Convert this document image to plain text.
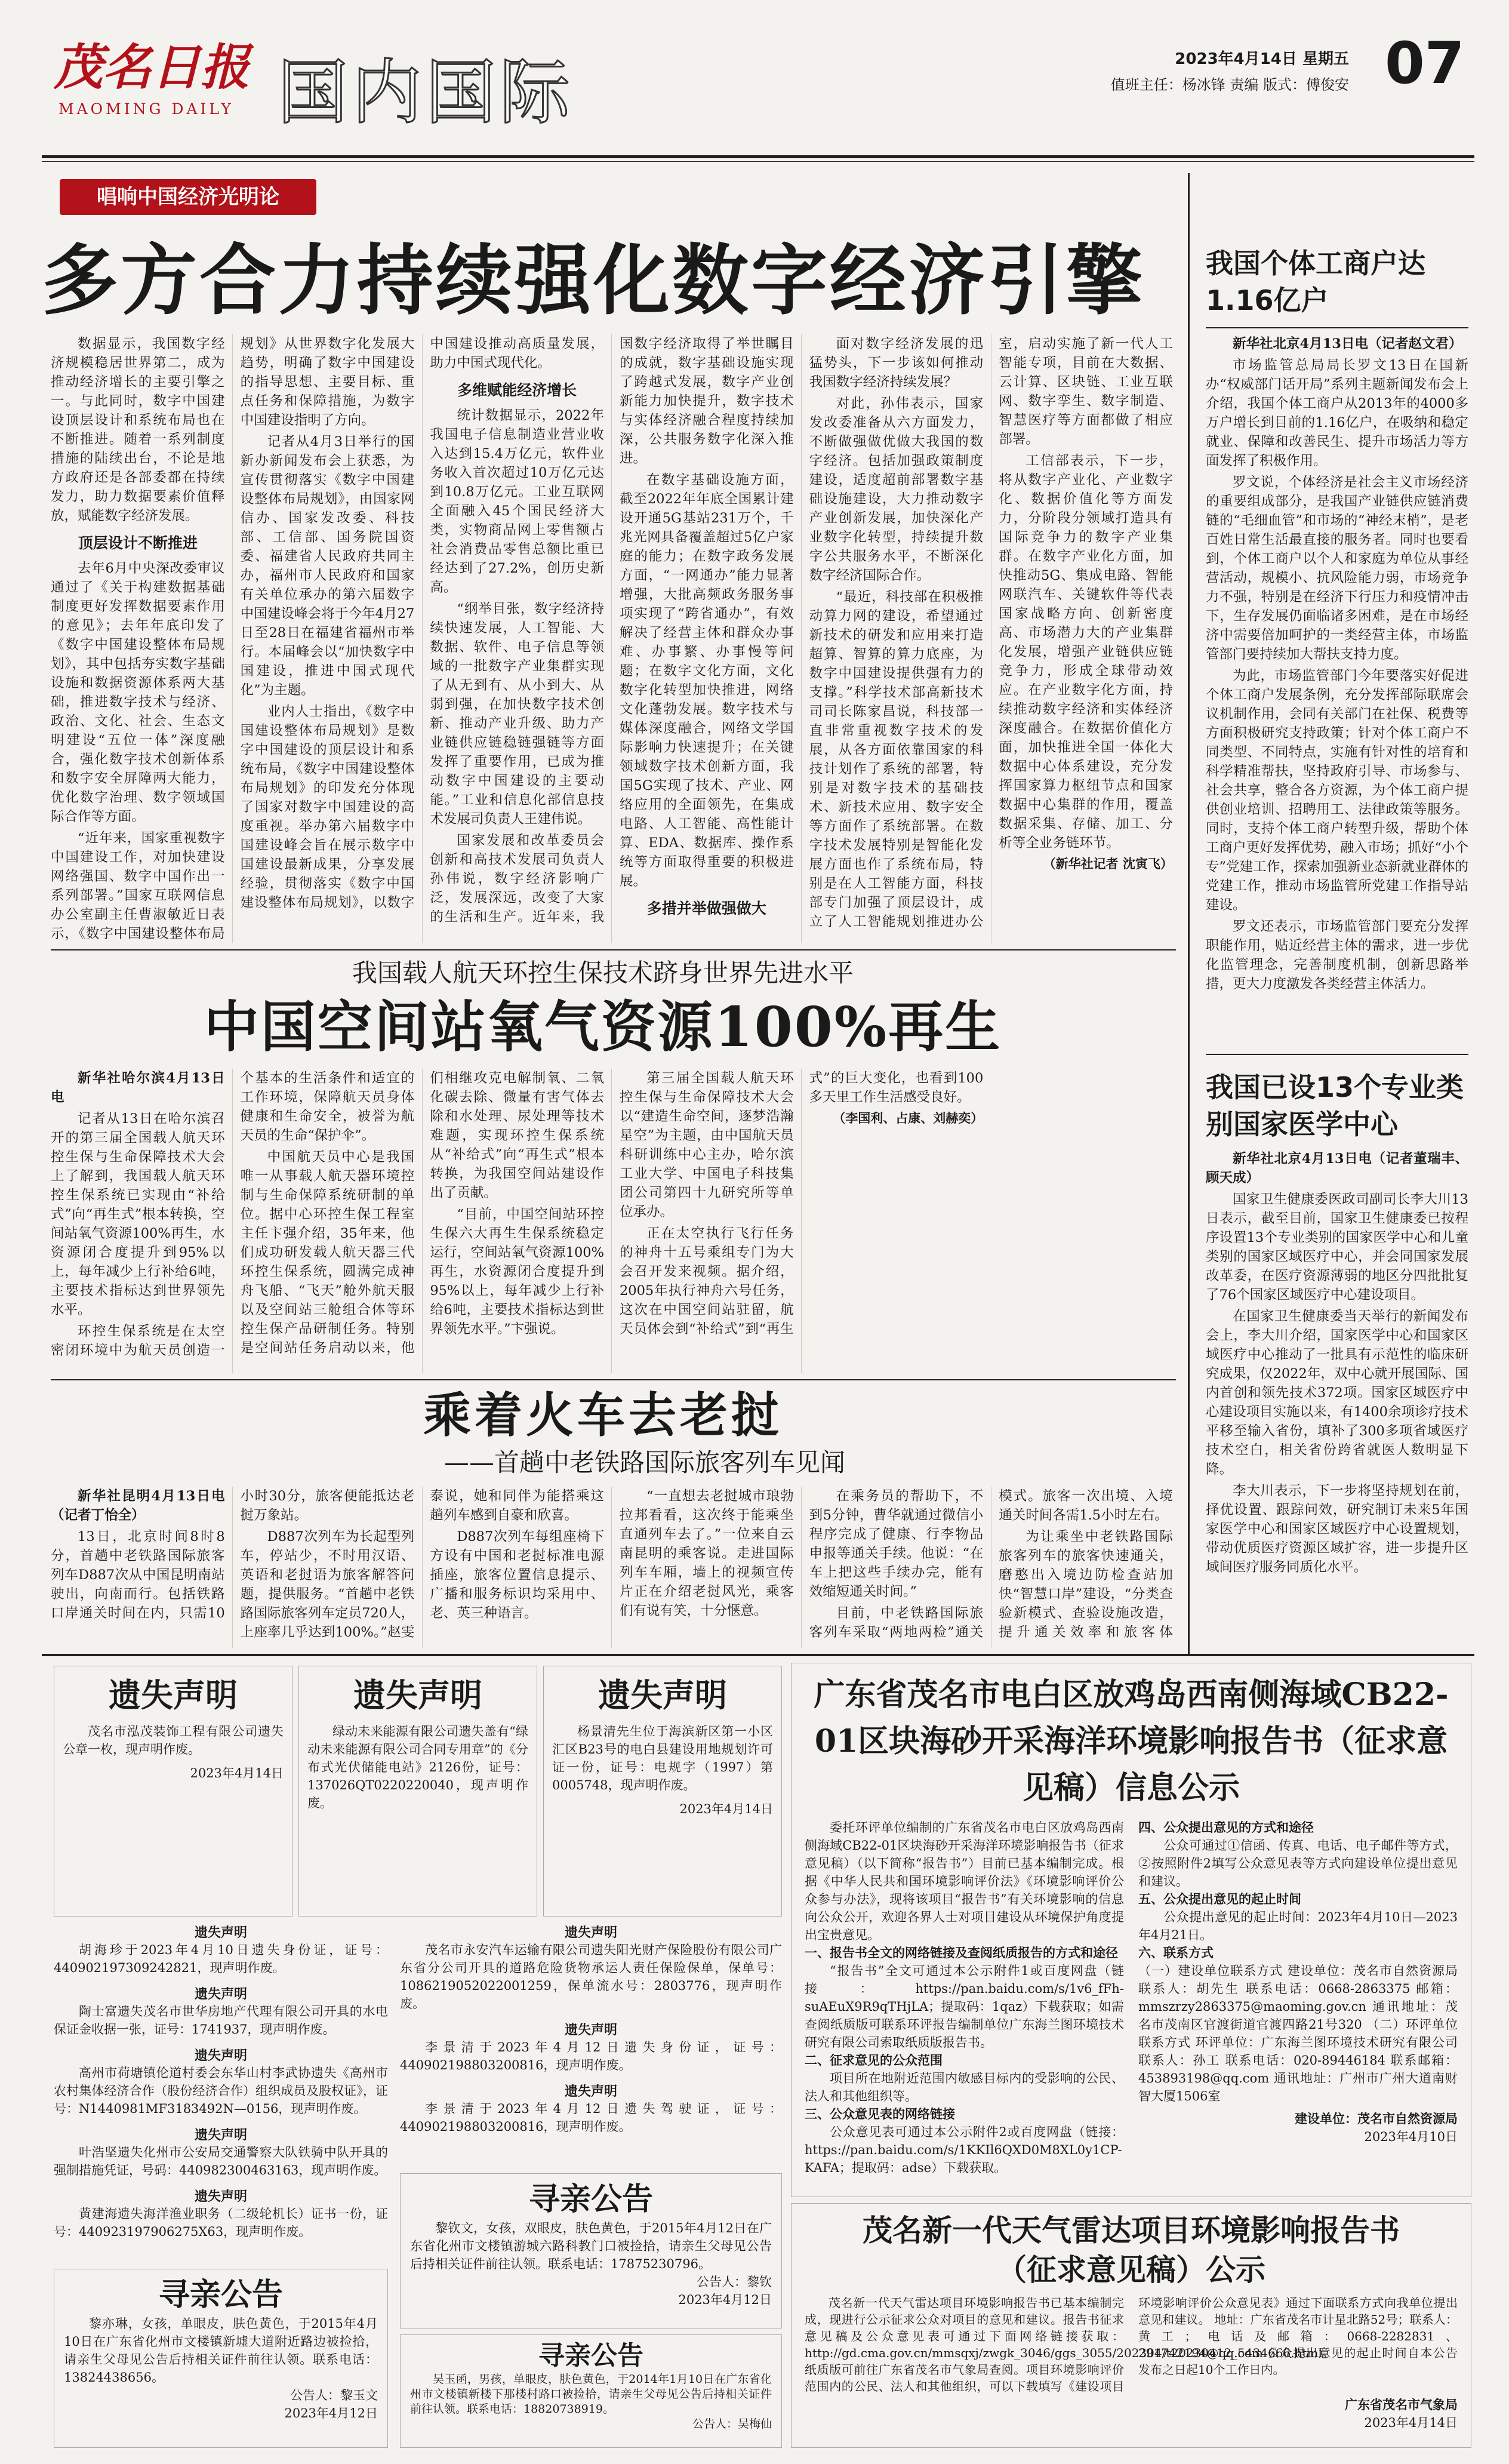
茂名日报
MAOMING DAILY 国内国际	2023年4月14日 星期五
值班主任：杨冰锋 责编 版式：傅俊安 07
唱响中国经济光明论
多方合力持续强化数字经济引擎

数据显示，我国数字经济规模稳居世界第二，成为推动经济增长的主要引擎之一。与此同时，数字中国建设顶层设计和系统布局也在不断推进。随着一系列制度措施的陆续出台，不论是地方政府还是各部委都在持续发力，助力数据要素价值释放，赋能数字经济发展。

顶层设计不断推进

去年6月中央深改委审议通过了《关于构建数据基础制度更好发挥数据要素作用的意见》；去年年底印发了《数字中国建设整体布局规划》，其中包括夯实数字基础设施和数据资源体系两大基础，推进数字技术与经济、政治、文化、社会、生态文明建设“五位一体”深度融合，强化数字技术创新体系和数字安全屏障两大能力，优化数字治理、数字领域国际合作等方面。

“近年来，国家重视数字中国建设工作，对加快建设网络强国、数字中国作出一系列部署。”国家互联网信息办公室副主任曹淑敏近日表示，《数字中国建设整体布局规划》从世界数字化发展大趋势，明确了数字中国建设的指导思想、主要目标、重点任务和保障措施，为数字中国建设指明了方向。

记者从4月3日举行的国新办新闻发布会上获悉，为宣传贯彻落实《数字中国建设整体布局规划》，由国家网信办、国家发改委、科技部、工信部、国务院国资委、福建省人民政府共同主办，福州市人民政府和国家有关单位承办的第六届数字中国建设峰会将于今年4月27日至28日在福建省福州市举行。本届峰会以“加快数字中国建设，推进中国式现代化”为主题。

业内人士指出，《数字中国建设整体布局规划》是数字中国建设的顶层设计和系统布局，《数字中国建设整体布局规划》的印发充分体现了国家对数字中国建设的高度重视。举办第六届数字中国建设峰会旨在展示数字中国建设最新成果，分享发展经验，贯彻落实《数字中国建设整体布局规划》，以数字中国建设推动高质量发展，助力中国式现代化。

多维赋能经济增长

统计数据显示，2022年我国电子信息制造业营业收入达到15.4万亿元，软件业务收入首次超过10万亿元达到10.8万亿元。工业互联网全面融入45个国民经济大类，实物商品网上零售额占社会消费品零售总额比重已经达到了27.2%，创历史新高。

“纲举目张，数字经济持续快速发展，人工智能、大数据、软件、电子信息等领域的一批数字产业集群实现了从无到有、从小到大、从弱到强，在加快数字技术创新、推动产业升级、助力产业链供应链稳链强链等方面发挥了重要作用，已成为推动数字中国建设的主要动能。”工业和信息化部信息技术发展司负责人王建伟说。

国家发展和改革委员会创新和高技术发展司负责人孙伟说，数字经济影响广泛，发展深远，改变了大家的生活和生产。近年来，我国数字经济取得了举世瞩目的成就，数字基础设施实现了跨越式发展，数字产业创新能力加快提升，数字技术与实体经济融合程度持续加深，公共服务数字化深入推进。

在数字基础设施方面，截至2022年年底全国累计建设开通5G基站231万个，千兆光网具备覆盖超过5亿户家庭的能力；在数字政务发展方面，“一网通办”能力显著增强，大批高频政务服务事项实现了“跨省通办”，有效解决了经营主体和群众办事难、办事繁、办事慢等问题；在数字文化方面，文化数字化转型加快推进，网络文化蓬勃发展。数字技术与媒体深度融合，网络文学国际影响力快速提升；在关键领域数字技术创新方面，我国5G实现了技术、产业、网络应用的全面领先，在集成电路、人工智能、高性能计算、EDA、数据库、操作系统等方面取得重要的积极进展。

多措并举做强做大

面对数字经济发展的迅猛势头，下一步该如何推动我国数字经济持续发展？

对此，孙伟表示，国家发改委准备从六方面发力，不断做强做优做大我国的数字经济。包括加强政策制度建设，适度超前部署数字基础设施建设，大力推动数字产业创新发展，加快深化产业数字化转型，持续提升数字公共服务水平，不断深化数字经济国际合作。

“最近，科技部在积极推动算力网的建设，希望通过新技术的研发和应用来打造超算、智算的算力底座，为数字中国建设提供强有力的支撑。”科学技术部高新技术司司长陈家昌说，科技部一直非常重视数字技术的发展，从各方面依靠国家的科技计划作了系统的部署，特别是对数字技术的基础技术、新技术应用、数字安全等方面作了系统部署。在数字技术发展特别是智能化发展方面也作了系统布局，特别是在人工智能方面，科技部专门加强了顶层设计，成立了人工智能规划推进办公室，启动实施了新一代人工智能专项，目前在大数据、云计算、区块链、工业互联网、数字孪生、数字制造、智慧医疗等方面都做了相应部署。

工信部表示，下一步，将从数字产业化、产业数字化、数据价值化等方面发力，分阶段分领域打造具有国际竞争力的数字产业集群。在数字产业化方面，加快推动5G、集成电路、智能网联汽车、关键软件等代表国家战略方向、创新密度高、市场潜力大的产业集群化发展，增强产业链供应链竞争力，形成全球带动效应。在产业数字化方面，持续推动数字经济和实体经济深度融合。在数据价值化方面，加快推进全国一体化大数据中心体系建设，充分发挥国家算力枢纽节点和国家数据中心集群的作用，覆盖数据采集、存储、加工、分析等全业务链环节。

（新华社记者 沈寅飞）
我国个体工商户达1.16亿户

新华社北京4月13日电（记者赵文君）

市场监管总局局长罗文13日在国新办“权威部门话开局”系列主题新闻发布会上介绍，我国个体工商户从2013年的4000多万户增长到目前的1.16亿户，在吸纳和稳定就业、保障和改善民生、提升市场活力等方面发挥了积极作用。

罗文说，个体经济是社会主义市场经济的重要组成部分，是我国产业链供应链消费链的“毛细血管”和市场的“神经末梢”，是老百姓日常生活最直接的服务者。同时也要看到，个体工商户以个人和家庭为单位从事经营活动，规模小、抗风险能力弱，市场竞争力不强，特别是在经济下行压力和疫情冲击下，生存发展仍面临诸多困难，是在市场经济中需要倍加呵护的一类经营主体，市场监管部门要持续加大帮扶支持力度。

为此，市场监管部门今年要落实好促进个体工商户发展条例，充分发挥部际联席会议机制作用，会同有关部门在社保、税费等方面积极研究支持政策；针对个体工商户不同类型、不同特点，实施有针对性的培育和科学精准帮扶，坚持政府引导、市场参与、社会共享，整合各方资源，为个体工商户提供创业培训、招聘用工、法律政策等服务。同时，支持个体工商户转型升级，帮助个体工商户更好发挥优势，融入市场；抓好“小个专”党建工作，探索加强新业态新就业群体的党建工作，推动市场监管所党建工作指导站建设。

罗文还表示，市场监管部门要充分发挥职能作用，贴近经营主体的需求，进一步优化监管理念，完善制度机制，创新思路举措，更大力度激发各类经营主体活力。

我国载人航天环控生保技术跻身世界先进水平
中国空间站氧气资源100%再生

新华社哈尔滨4月13日电

记者从13日在哈尔滨召开的第三届全国载人航天环控生保与生命保障技术大会上了解到，我国载人航天环控生保系统已实现由“补给式”向“再生式”根本转换，空间站氧气资源100%再生，水资源闭合度提升到95%以上，每年减少上行补给6吨，主要技术指标达到世界领先水平。

环控生保系统是在太空密闭环境中为航天员创造一个基本的生活条件和适宜的工作环境，保障航天员身体健康和生命安全，被誉为航天员的生命“保护伞”。

中国航天员中心是我国唯一从事载人航天器环境控制与生命保障系统研制的单位。据中心环控生保工程室主任卞强介绍，35年来，他们成功研发载人航天器三代环控生保系统，圆满完成神舟飞船、“飞天”舱外航天服以及空间站三舱组合体等环控生保产品研制任务。特别是空间站任务启动以来，他们相继攻克电解制氧、二氧化碳去除、微量有害气体去除和水处理、尿处理等技术难题，实现环控生保系统从“补给式”向“再生式”根本转换，为我国空间站建设作出了贡献。

“目前，中国空间站环控生保六大再生生保系统稳定运行，空间站氧气资源100%再生，水资源闭合度提升到95%以上，每年减少上行补给6吨，主要技术指标达到世界领先水平。”卞强说。

第三届全国载人航天环控生保与生命保障技术大会以“建造生命空间，逐梦浩瀚星空”为主题，由中国航天员科研训练中心主办，哈尔滨工业大学、中国电子科技集团公司第四十九研究所等单位承办。

正在太空执行飞行任务的神舟十五号乘组专门为大会召开发来视频。据介绍，2005年执行神舟六号任务，这次在中国空间站驻留，航天员体会到“补给式”到“再生式”的巨大变化，也看到100多天里工作生活感受良好。

（李国利、占康、刘赫奕）
我国已设13个专业类别国家医学中心

新华社北京4月13日电（记者董瑞丰、顾天成）

国家卫生健康委医政司副司长李大川13日表示，截至目前，国家卫生健康委已按程序设置13个专业类别的国家医学中心和儿童类别的国家区域医疗中心，并会同国家发展改革委，在医疗资源薄弱的地区分四批批复了76个国家区域医疗中心建设项目。

在国家卫生健康委当天举行的新闻发布会上，李大川介绍，国家医学中心和国家区域医疗中心推动了一批具有示范性的临床研究成果，仅2022年，双中心就开展国际、国内首创和领先技术372项。国家区域医疗中心建设项目实施以来，有1400余项诊疗技术平移至输入省份，填补了300多项省域医疗技术空白，相关省份跨省就医人数明显下降。

李大川表示，下一步将坚持规划在前，择优设置、跟踪问效，研究制订未来5年国家医学中心和国家区域医疗中心设置规划，带动优质医疗资源区域扩容，进一步提升区域间医疗服务同质化水平。

乘着火车去老挝
——首趟中老铁路国际旅客列车见闻

新华社昆明4月13日电（记者丁怡全）

13日，北京时间8时8分，首趟中老铁路国际旅客列车D887次从中国昆明南站驶出，向南而行。包括铁路口岸通关时间在内，只需10小时30分，旅客便能抵达老挝万象站。

D887次列车为长起型列车，停站少，不时用汉语、英语和老挝语为旅客解答问题，提供服务。“首趟中老铁路国际旅客列车定员720人，上座率几乎达到100%。”赵雯泰说，她和同伴为能搭乘这趟列车感到自豪和欣喜。

D887次列车每组座椅下方设有中国和老挝标准电源插座，旅客位置信息提示、广播和服务标识均采用中、老、英三种语言。

“一直想去老挝城市琅勃拉邦看看，这次终于能乘坐直通列车去了。”一位来自云南昆明的乘客说。走进国际列车车厢，墙上的视频宣传片正在介绍老挝风光，乘客们有说有笑，十分惬意。

在乘务员的帮助下，不到5分钟，曹华就通过微信小程序完成了健康、行李物品申报等通关手续。他说：“在车上把这些手续办完，能有效缩短通关时间。”

目前，中老铁路国际旅客列车采取“两地两检”通关模式。旅客一次出境、入境通关时间各需1.5小时左右。

为让乘坐中老铁路国际旅客列车的旅客快速通关，磨憨出入境边防检查站加快“智慧口岸”建设，“分类查验新模式、查验设施改造，提升通关效率和旅客体

遗失声明
茂名市泓茂装饰工程有限公司遗失公章一枚，现声明作废。
2023年4月14日
遗失声明
绿动未来能源有限公司遗失盖有“绿动未来能源有限公司合同专用章”的《分布式光伏储能电站》2126份，证号：137026QT0220220040，现声明作废。
遗失声明
杨景清先生位于海滨新区第一小区汇区B23号的电白县建设用地规划许可证一份，证号：电规字（1997）第0005748，现声明作废。
2023年4月14日
遗失声明
胡海珍于2023年4月10日遗失身份证，证号：440902197309242821，现声明作废。
遗失声明
陶士富遗失茂名市世华房地产代理有限公司开具的水电保证金收据一张，证号：1741937，现声明作废。
遗失声明
高州市荷塘镇伦道村委会东华山村李武协遗失《高州市农村集体经济合作（股份经济合作）组织成员及股权证》，证号：N1440981MF3183492N—0156，现声明作废。
遗失声明
叶浩坚遗失化州市公安局交通警察大队铁骑中队开具的强制措施凭证，号码：440982300463163，现声明作废。
遗失声明
黄建海遗失海洋渔业职务（二级轮机长）证书一份，证号：440923197906275X63，现声明作废。
遗失声明
茂名市永安汽车运输有限公司遗失阳光财产保险股份有限公司广东省分公司开具的道路危险货物承运人责任保险保单，保单号：1086219052022001259，保单流水号：2803776，现声明作废。
遗失声明
李景清于2023年4月12日遗失身份证，证号：440902198803200816，现声明作废。
遗失声明
李景清于2023年4月12日遗失驾驶证，证号：440902198803200816，现声明作废。
寻亲公告
黎钦文，女孩，双眼皮，肤色黄色，于2015年4月12日在广东省化州市文楼镇游城六路科教门口被捡拾，请亲生父母见公告后持相关证件前往认领。联系电话：17875230796。
公告人：黎钦
2023年4月12日
寻亲公告
黎亦琳，女孩，单眼皮，肤色黄色，于2015年4月10日在广东省化州市文楼镇新墟大道附近路边被捡拾，请亲生父母见公告后持相关证件前往认领。联系电话：13824438656。
公告人：黎玉文
2023年4月12日
寻亲公告
吴玉函，男孩，单眼皮，肤色黄色，于2014年1月10日在广东省化州市文楼镇新楼下那楼村路口被捡拾，请亲生父母见公告后持相关证件前往认领。联系电话：18820738919。
公告人：吴梅仙
广东省茂名市电白区放鸡岛西南侧海域CB22-01区块海砂开采海洋环境影响报告书（征求意见稿）信息公示
委托环评单位编制的广东省茂名市电白区放鸡岛西南侧海域CB22-01区块海砂开采海洋环境影响报告书（征求意见稿）（以下简称“报告书”）目前已基本编制完成。根据《中华人民共和国环境影响评价法》《环境影响评价公众参与办法》，现将该项目“报告书”有关环境影响的信息向公众公开，欢迎各界人士对项目建设从环境保护角度提出宝贵意见。
一、报告书全文的网络链接及查阅纸质报告的方式和途径
“报告书”全文可通过本公示附件1或百度网盘（链接：https://pan.baidu.com/s/1v6_fFh-suAEuX9R9qTHjLA；提取码：1qaz）下载获取；如需查阅纸质版可联系环评报告编制单位广东海兰图环境技术研究有限公司索取纸质版报告书。
二、征求意见的公众范围
项目所在地附近范围内敏感目标内的受影响的公民、法人和其他组织等。
三、公众意见表的网络链接
公众意见表可通过本公示附件2或百度网盘（链接：https://pan.baidu.com/s/1KKIl6QXD0M8XL0y1CP-KAFA；提取码：adse）下载获取。
四、公众提出意见的方式和途径
公众可通过①信函、传真、电话、电子邮件等方式，②按照附件2填写公众意见表等方式向建设单位提出意见和建议。
五、公众提出意见的起止时间
公众提出意见的起止时间：2023年4月10日—2023年4月21日。
六、联系方式
（一）建设单位联系方式 建设单位：茂名市自然资源局 联系人：胡先生 联系电话：0668-2863375 邮箱：mmszrzy2863375@maoming.gov.cn 通讯地址：茂名市茂南区官渡街道官渡四路21号320 （二）环评单位联系方式 环评单位：广东海兰图环境技术研究有限公司 联系人：孙工 联系电话：020-89446184 联系邮箱：453893198@qq.com 通讯地址：广州市广州大道南财智大厦1506室
建设单位：茂名市自然资源局
2023年4月10日
茂名新一代天气雷达项目环境影响报告书（征求意见稿）公示
茂名新一代天气雷达项目环境影响报告书已基本编制完成，现进行公示征求公众对项目的意见和建议。报告书征求意见稿及公众意见表可通过下面网络链接获取：http://gd.cma.gov.cn/mmsqxj/zwgk_3046/ggs_3055/202304/t20230412_5434666.html。纸质版可前往广东省茂名市气象局查阅。项目环境影响评价范围内的公民、法人和其他组织，可以下载填写《建设项目环境影响评价公众意见表》通过下面联系方式向我单位提出意见和建议。 地址：广东省茂名市计星北路52号；联系人：黄工；电话及邮箱：0668-2282831、291742194@qq.com 公众提出意见的起止时间自本公告发布之日起10个工作日内。
广东省茂名市气象局
2023年4月14日
